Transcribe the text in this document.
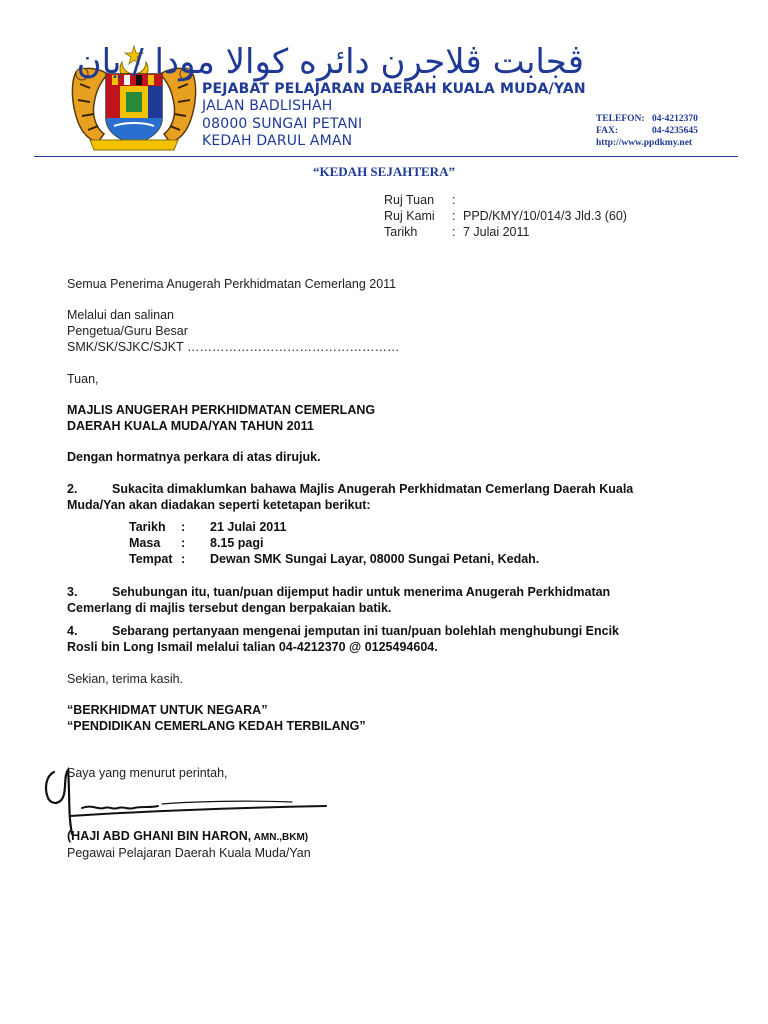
ڤجابت ڤلاجرن دائره كوالا مودا / يان
PEJABAT PELAJARAN DAERAH KUALA MUDA/YAN
JALAN BADLISHAH
08000 SUNGAI PETANI
KEDAH DARUL AMAN
TELEFON: 04-4212370
FAX:	04-4235645
http://www.ppdkmy.net
“KEDAH SEJAHTERA”
Ruj Tuan :
Ruj Kami : PPD/KMY/10/014/3 Jld.3 (60)
Tarikh	: 7 Julai 2011
Semua Penerima Anugerah Perkhidmatan Cemerlang 2011
Melalui dan salinan
Pengetua/Guru Besar
SMK/SK/SJKC/SJKT ……………………………………………
Tuan,
MAJLIS ANUGERAH PERKHIDMATAN CEMERLANG
DAERAH KUALA MUDA/YAN TAHUN 2011
Dengan hormatnya perkara di atas dirujuk.
2.	Sukacita dimaklumkan bahawa Majlis Anugerah Perkhidmatan Cemerlang Daerah Kuala
Muda/Yan akan diadakan seperti ketetapan berikut:
Tarikh : 21 Julai 2011
Masa : 8.15 pagi
Tempat : Dewan SMK Sungai Layar, 08000 Sungai Petani, Kedah.
3.	Sehubungan itu, tuan/puan dijemput hadir untuk menerima Anugerah Perkhidmatan
Cemerlang di majlis tersebut dengan berpakaian batik.
4.	Sebarang pertanyaan mengenai jemputan ini tuan/puan bolehlah menghubungi Encik
Rosli bin Long Ismail melalui talian 04-4212370 @ 0125494604.
Sekian, terima kasih.
“BERKHIDMAT UNTUK NEGARA”
“PENDIDIKAN CEMERLANG KEDAH TERBILANG”
Saya yang menurut perintah,
(HAJI ABD GHANI BIN HARON, AMN.,BKM)
Pegawai Pelajaran Daerah Kuala Muda/Yan
